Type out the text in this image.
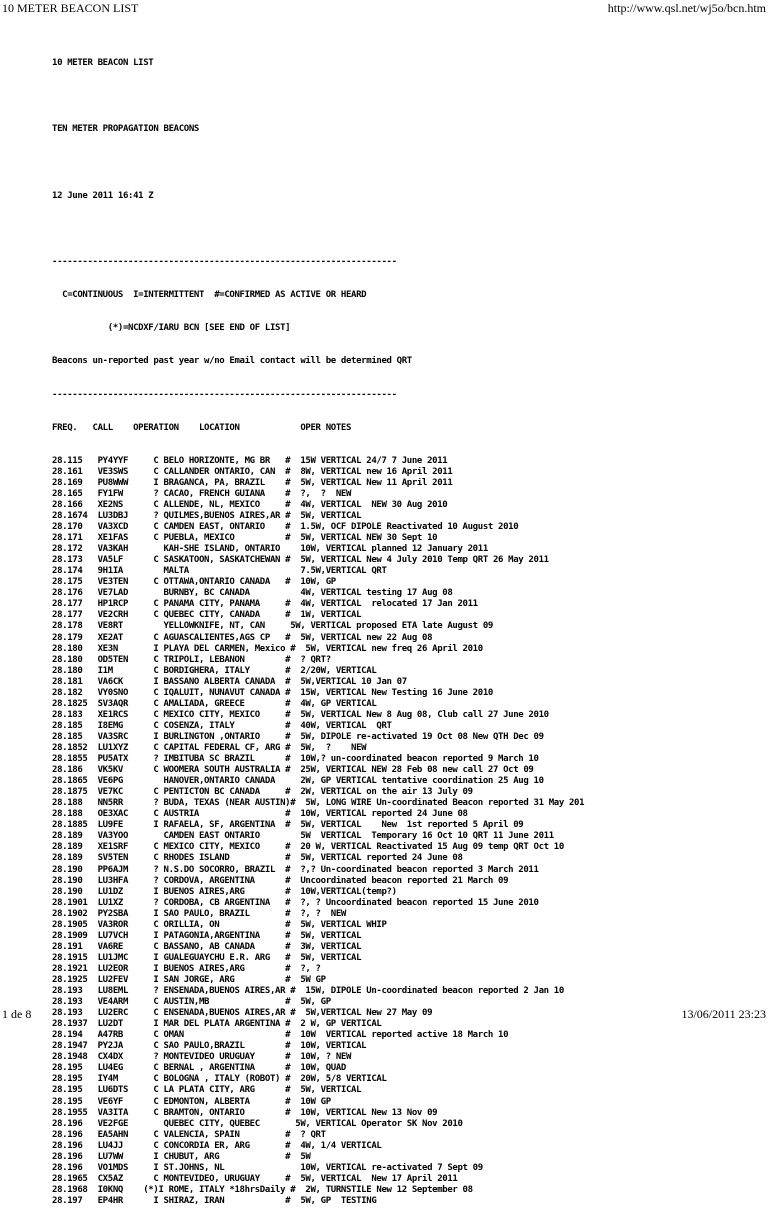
10 METER BEACON LIST	http://www.qsl.net/wj5o/bcn.htm

10 METER BEACON LIST

TEN METER PROPAGATION BEACONS

12 June 2011 16:41 Z

--------------------------------------------------------------------

C=CONTINUOUS  I=INTERMITTENT  #=CONFIRMED AS ACTIVE OR HEARD

(*)=NCDXF/IARU BCN [SEE END OF LIST]

Beacons un-reported past year w/no Email contact will be determined QRT

--------------------------------------------------------------------

FREQ.   CALL    OPERATION    LOCATION            OPER NOTES

28.115   PY4YYF     C BELO HORIZONTE, MG BR   #  15W VERTICAL 24/7 7 June 2011
28.161   VE3SWS     C CALLANDER ONTARIO, CAN  #  8W, VERTICAL new 16 April 2011
28.169   PU8WWW     I BRAGANCA, PA, BRAZIL    #  5W, VERTICAL New 11 April 2011
28.165   FY1FW      ? CACAO, FRENCH GUIANA    #  ?,  ?  NEW
28.166   XE2NS      C ALLENDE, NL, MEXICO     #  4W, VERTICAL  NEW 30 Aug 2010
28.1674  LU3DBJ     ? QUILMES,BUENOS AIRES,AR #  5W, VERTICAL
28.170   VA3XCD     C CAMDEN EAST, ONTARIO    #  1.5W, OCF DIPOLE Reactivated 10 August 2010
28.171   XE1FAS     C PUEBLA, MEXICO          #  5W, VERTICAL NEW 30 Sept 10
28.172   VA3KAH       KAH-SHE ISLAND, ONTARIO    10W, VERTICAL planned 12 January 2011
28.173   VA5LF      C SASKATOON, SASKATCHEWAN #  5W, VERTICAL New 4 July 2010 Temp QRT 26 May 2011
28.174   9H1IA        MALTA                      7.5W,VERTICAL QRT
28.175   VE3TEN     C OTTAWA,ONTARIO CANADA   #  10W, GP
28.176   VE7LAD       BURNBY, BC CANADA          4W, VERTICAL testing 17 Aug 08
28.177   HP1RCP     C PANAMA CITY, PANAMA     #  4W, VERTICAL  relocated 17 Jan 2011
28.177   VE2CRH     C QUEBEC CITY, CANADA     #  1W, VERTICAL
28.178   VE8RT        YELLOWKNIFE, NT, CAN     5W, VERTICAL proposed ETA late August 09
28.179   XE2AT      C AGUASCALIENTES,AGS CP   #  5W, VERTICAL new 22 Aug 08
28.180   XE3N       I PLAYA DEL CARMEN, Mexico #  5W, VERTICAL new freq 26 April 2010
28.180   OD5TEN     C TRIPOLI, LEBANON        #  ? QRT?
28.180   I1M        C BORDIGHERA, ITALY       #  2/20W, VERTICAL
28.181   VA6CK      I BASSANO ALBERTA CANADA  #  5W,VERTICAL 10 Jan 07
28.182   VY0SNO     C IQALUIT, NUNAVUT CANADA #  15W, VERTICAL New Testing 16 June 2010
28.1825  SV3AQR     C AMALIADA, GREECE        #  4W, GP VERTICAL
28.183   XE1RCS     C MEXICO CITY, MEXICO     #  5W, VERTICAL New 8 Aug 08, Club call 27 June 2010
28.185   I8EMG      C COSENZA, ITALY          #  40W, VERTICAL  QRT
28.185   VA3SRC     I BURLINGTON ,ONTARIO     #  5W, DIPOLE re-activated 19 Oct 08 New QTH Dec 09
28.1852  LU1XYZ     C CAPITAL FEDERAL CF, ARG #  5W,  ?    NEW
28.1855  PU5ATX     ? IMBITUBA SC BRAZIL      #  10W,? un-coordinated beacon reported 9 March 10
28.186   VK5KV      C WOOMERA SOUTH AUSTRALIA #  25W, VERTICAL NEW 28 Feb 08 new call 27 Oct 09
28.1865  VE6PG        HANOVER,ONTARIO CANADA     2W, GP VERTICAL tentative coordination 25 Aug 10
28.1875  VE7KC      C PENTICTON BC CANADA     #  2W, VERTICAL on the air 13 July 09
28.188   NN5RR      ? BUDA, TEXAS (NEAR AUSTIN)#  5W, LONG WIRE Un-coordinated Beacon reported 31 May 201
28.188   OE3XAC     C AUSTRIA                 #  10W, VERTICAL reported 24 June 08
28.1885  LU9FE      I RAFAELA, SF, ARGENTINA  #  5W, VERTICAL    New  1st reported 5 April 09
28.189   VA3YOO       CAMDEN EAST ONTARIO        5W  VERTICAL  Temporary 16 Oct 10 QRT 11 June 2011
28.189   XE1SRF     C MEXICO CITY, MEXICO     #  20 W, VERTICAL Reactivated 15 Aug 09 temp QRT Oct 10
28.189   SV5TEN     C RHODES ISLAND           #  5W, VERTICAL reported 24 June 08
28.190   PP6AJM     ? N.S.DO SOCORRO, BRAZIL  #  ?,? Un-coordinated beacon reported 3 March 2011
28.190   LU3HFA     ? CORDOVA, ARGENTINA      #  Uncoordinated beacon reported 21 March 09
28.190   LU1DZ      I BUENOS AIRES,ARG        #  10W,VERTICAL(temp?)
28.1901  LU1XZ      ? CORDOBA, CB ARGENTINA   #  ?, ? Uncoordinated beacon reported 15 June 2010
28.1902  PY2SBA     I SAO PAULO, BRAZIL       #  ?, ?  NEW
28.1905  VA3ROR     C ORILLIA, ON             #  5W, VERTICAL WHIP
28.1909  LU7VCH     I PATAGONIA,ARGENTINA     #  5W, VERTICAL
28.191   VA6RE      C BASSANO, AB CANADA      #  3W, VERTICAL
28.1915  LU1JMC     I GUALEGUAYCHU E.R. ARG   #  5W, VERTICAL
28.1921  LU2EOR     I BUENOS AIRES,ARG        #  ?, ?
28.1925  LU2FEV     I SAN JORGE, ARG          #  5W GP
28.193   LU8EML     ? ENSENADA,BUENOS AIRES,AR #  15W, DIPOLE Un-coordinated beacon reported 2 Jan 10
28.193   VE4ARM     C AUSTIN,MB               #  5W, GP
28.193   LU2ERC     C ENSENADA,BUENOS AIRES,AR #  5W,VERTICAL New 27 May 09
28.1937  LU2DT      I MAR DEL PLATA ARGENTINA #  2 W, GP VERTICAL
28.194   A47RB      C OMAN                    #  10W  VERTICAL reported active 18 March 10
28.1947  PY2JA      C SÃO PAULO,BRAZIL        #  10W, VERTICAL
28.1948  CX4DX      ? MONTEVIDEO URUGUAY      #  10W, ? NEW
28.195   LU4EG      C BERNAL , ARGENTINA      #  10W, QUAD
28.195   IY4M       C BOLOGNA , ITALY (ROBOT) #  20W, 5/8 VERTICAL
28.195   LU6DTS     C LA PLATA CITY, ARG      #  5W, VERTICAL
28.195   VE6YF      C EDMONTON, ALBERTA       #  10W GP
28.1955  VA3ITA     C BRAMTON, ONTARIO        #  10W, VERTICAL New 13 Nov 09
28.196   VE2FGE       QUEBEC CITY, QUEBEC       5W, VERTICAL Operator SK Nov 2010
28.196   EA5AHN     C VALENCIA, SPAIN         #  ? QRT
28.196   LU4JJ      C CONCORDIA ER, ARG       #  4W, 1/4 VERTICAL
28.196   LU7WW      I CHUBUT, ARG             #  5W
28.196   VO1MDS     I ST.JOHNS, NL               10W, VERTICAL re-activated 7 Sept 09
28.1965  CX5AZ      C MONTEVIDEO, URUGUAY     #  5W, VERTICAL  New 17 April 2011
28.1968  I0KNQ    (*)I ROME, ITALY *18hrsDaily #  2W, TURNSTILE New 12 September 08
28.197   EP4HR      I SHIRAZ, IRAN            #  5W, GP  TESTING

1 de 8	13/06/2011 23:23
